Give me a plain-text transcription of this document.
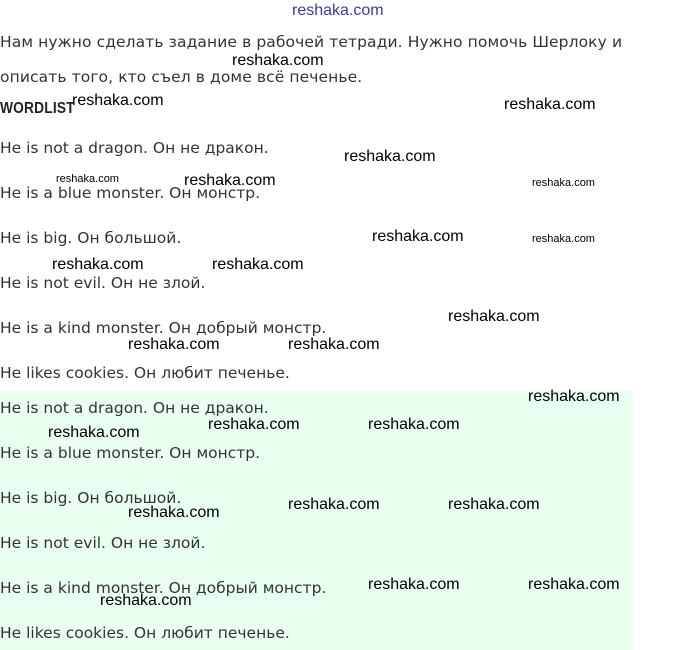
reshaka.com
Нам нужно сделать задание в рабочей тетради. Нужно помочь Шерлоку и
описать того, кто съел в доме всё печенье.
WORDLIST
He is not a dragon. Он не дракон.
He is a blue monster. Он монстр.
He is big. Он большой.
He is not evil. Он не злой.
He is a kind monster. Он добрый монстр.
He likes cookies. Он любит печенье.
He is not a dragon. Он не дракон.
He is a blue monster. Он монстр.
He is big. Он большой.
He is not evil. Он не злой.
He is a kind monster. Он добрый монстр.
He likes cookies. Он любит печенье.
reshaka.com
reshaka.com	reshaka.com
reshaka.com
reshaka.com	reshaka.com	reshaka.com
reshaka.com	reshaka.com
reshaka.com	reshaka.com
reshaka.com
reshaka.com	reshaka.com
reshaka.com
reshaka.com	reshaka.com
reshaka.com
reshaka.com	reshaka.com
reshaka.com
reshaka.com	reshaka.com
reshaka.com
